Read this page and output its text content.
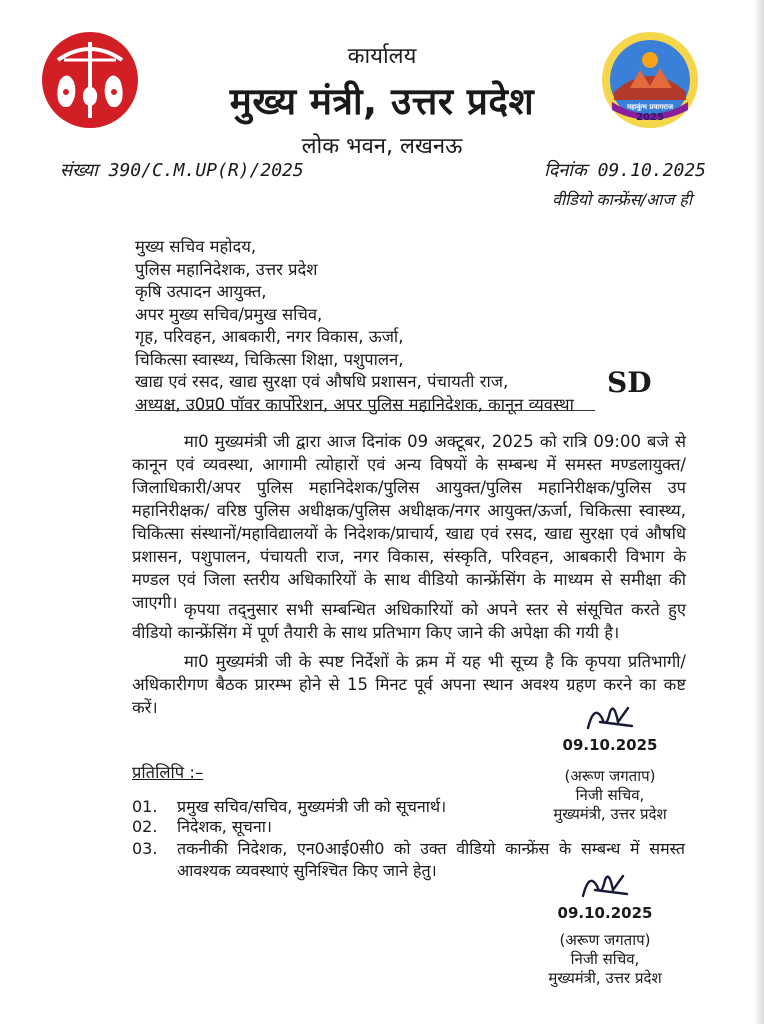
2025
महाकुंभ प्रयागराज
कार्यालय
मुख्य मंत्री, उत्तर प्रदेश
लोक भवन, लखनऊ
संख्या 390/C.M.UP(R)/2025	दिनांक 09.10.2025
वीडियो कान्फ्रेंस/आज ही
मुख्य सचिव महोदय,
पुलिस महानिदेशक, उत्तर प्रदेश
कृषि उत्पादन आयुक्त,
अपर मुख्य सचिव/प्रमुख सचिव,
गृह, परिवहन, आबकारी, नगर विकास, ऊर्जा,
चिकित्सा स्वास्थ्य, चिकित्सा शिक्षा, पशुपालन,
खाद्य एवं रसद, खाद्य सुरक्षा एवं औषधि प्रशासन, पंचायती राज,
अध्यक्ष, उ0प्र0 पॉवर कार्पोरेशन, अपर पुलिस महानिदेशक, कानून व्यवस्था
SD

मा0 मुख्यमंत्री जी द्वारा आज दिनांक 09 अक्टूबर, 2025 को रात्रि 09:00 बजे से कानून एवं व्यवस्था, आगामी त्योहारों एवं अन्य विषयों के सम्बन्ध में समस्त मण्डलायुक्त/जिलाधिकारी/अपर पुलिस महानिदेशक/पुलिस आयुक्त/पुलिस महानिरीक्षक/पुलिस उप महानिरीक्षक/ वरिष्ठ पुलिस अधीक्षक/पुलिस अधीक्षक/नगर आयुक्त/ऊर्जा, चिकित्सा स्वास्थ्य, चिकित्सा संस्थानों/महाविद्यालयों के निदेशक/प्राचार्य, खाद्य एवं रसद, खाद्य सुरक्षा एवं औषधि प्रशासन, पशुपालन, पंचायती राज, नगर विकास, संस्कृति, परिवहन, आबकारी विभाग के मण्डल एवं जिला स्तरीय अधिकारियों के साथ वीडियो कान्फ्रेंसिंग के माध्यम से समीक्षा की जाएगी। कृपया तद्नुसार सभी सम्बन्धित अधिकारियों को अपने स्तर से संसूचित करते हुए वीडियो कान्फ्रेंसिंग में पूर्ण तैयारी के साथ प्रतिभाग किए जाने की अपेक्षा की गयी है।

मा0 मुख्यमंत्री जी के स्पष्ट निर्देशों के क्रम में यह भी सूच्य है कि कृपया प्रतिभागी/अधिकारीगण बैठक प्रारम्भ होने से 15 मिनट पूर्व अपना स्थान अवश्य ग्रहण करने का कष्ट करें।

09.10.2025
(अरूण जगताप)
निजी सचिव,
मुख्यमंत्री, उत्तर प्रदेश
प्रतिलिपि :–
01. प्रमुख सचिव/सचिव, मुख्यमंत्री जी को सूचनार्थ।
02. निदेशक, सूचना।
03. तकनीकी निदेशक, एन0आई0सी0 को उक्त वीडियो कान्फ्रेंस के सम्बन्ध में समस्त आवश्यक व्यवस्थाएं सुनिश्चित किए जाने हेतु।
09.10.2025
(अरूण जगताप)
निजी सचिव,
मुख्यमंत्री, उत्तर प्रदेश
